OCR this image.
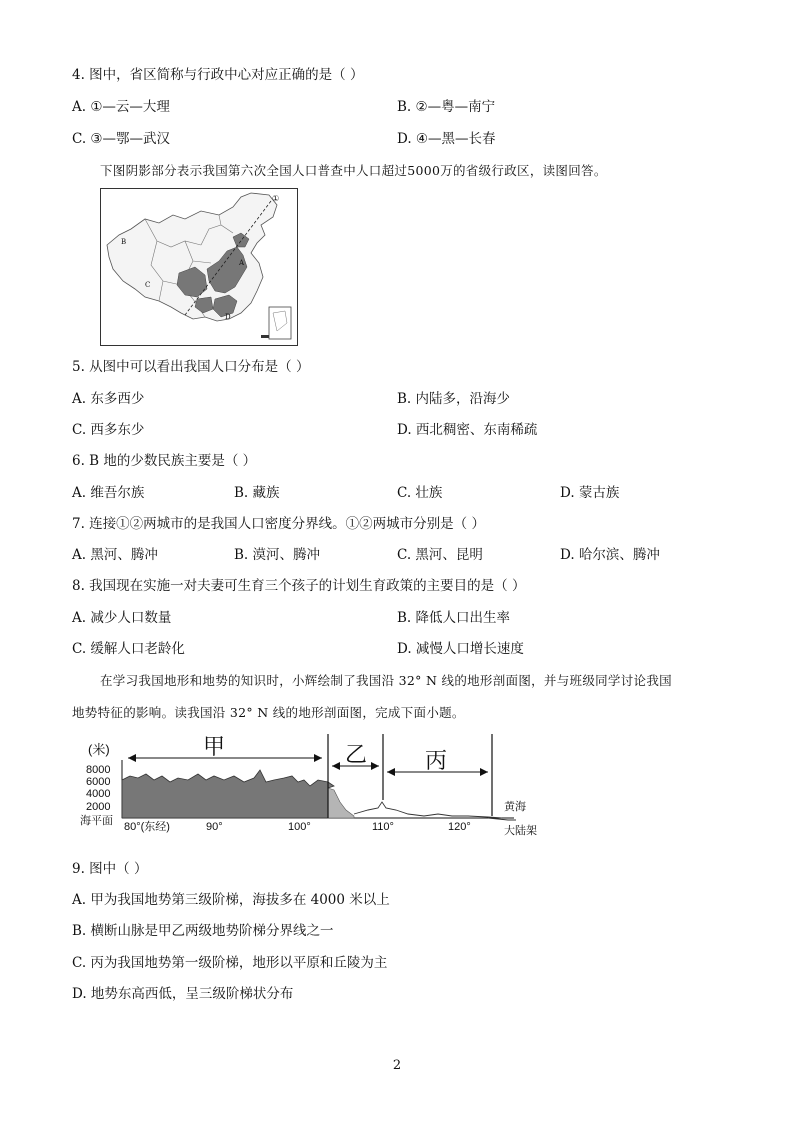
4. 图中，省区简称与行政中心对应正确的是（ ）
A. ①—云—大理	B. ②—粤—南宁
C. ③—鄂—武汉	D. ④—黑—长春
下图阴影部分表示我国第六次全国人口普查中人口超过5000万的省级行政区，读图回答。
①
B
C
D
A
5. 从图中可以看出我国人口分布是（ ）
A. 东多西少	B. 内陆多，沿海少
C. 西多东少	D. 西北稠密、东南稀疏
6. B 地的少数民族主要是（ ）
A. 维吾尔族	B. 藏族	C. 壮族	D. 蒙古族
7. 连接①②两城市的是我国人口密度分界线。①②两城市分别是（ ）
A. 黑河、腾冲	B. 漠河、腾冲	C. 黑河、昆明	D. 哈尔滨、腾冲
8. 我国现在实施一对夫妻可生育三个孩子的计划生育政策的主要目的是（ ）
A. 减少人口数量	B. 降低人口出生率
C. 缓解人口老龄化	D. 减慢人口增长速度
在学习我国地形和地势的知识时，小辉绘制了我国沿 32° N 线的地形剖面图，并与班级同学讨论我国
地势特征的影响。读我国沿 32° N 线的地形剖面图，完成下面小题。
(米)
8000
6000
4000
2000
海平面
甲	乙	丙
黄海
大陆架
80°(东经)	90°	100°	110°	120°
9. 图中（ ）
A. 甲为我国地势第三级阶梯，海拔多在 4000 米以上
B. 横断山脉是甲乙两级地势阶梯分界线之一
C. 丙为我国地势第一级阶梯，地形以平原和丘陵为主
D. 地势东高西低，呈三级阶梯状分布
2
